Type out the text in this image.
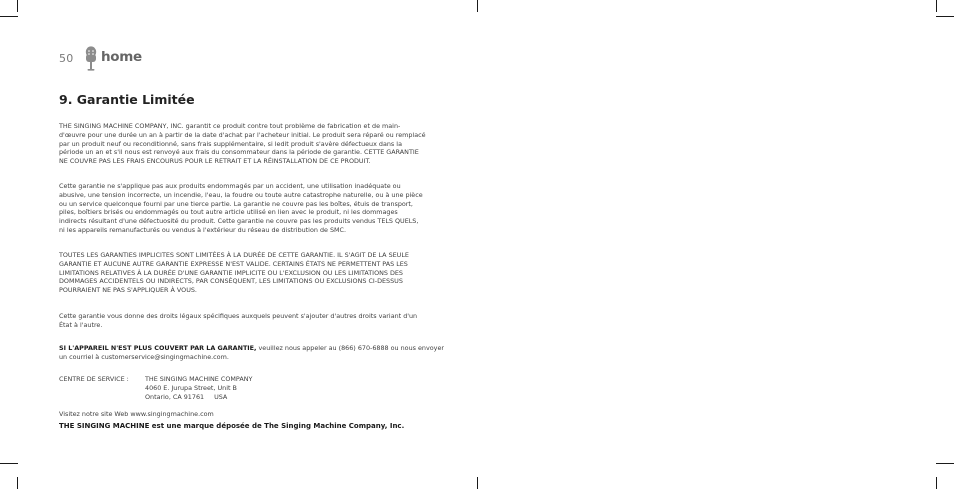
50 home
9. Garantie Limitée

THE SINGING MACHINE COMPANY, INC. garantit ce produit contre tout problème de fabrication et de main-
d'œuvre pour une durée un an à partir de la date d'achat par l'acheteur initial. Le produit sera réparé ou remplacé
par un produit neuf ou reconditionné, sans frais supplémentaire, si ledit produit s'avère défectueux dans la
période un an et s'il nous est renvoyé aux frais du consommateur dans la période de garantie. CETTE GARANTIE
NE COUVRE PAS LES FRAIS ENCOURUS POUR LE RETRAIT ET LA RÉINSTALLATION DE CE PRODUIT.

Cette garantie ne s'applique pas aux produits endommagés par un accident, une utilisation inadéquate ou
abusive, une tension incorrecte, un incendie, l'eau, la foudre ou toute autre catastrophe naturelle, ou à une pièce
ou un service quelconque fourni par une tierce partie. La garantie ne couvre pas les boîtes, étuis de transport,
piles, boîtiers brisés ou endommagés ou tout autre article utilisé en lien avec le produit, ni les dommages
indirects résultant d'une défectuosité du produit. Cette garantie ne couvre pas les produits vendus TELS QUELS,
ni les appareils remanufacturés ou vendus à l'extérieur du réseau de distribution de SMC.

TOUTES LES GARANTIES IMPLICITES SONT LIMITÉES À LA DURÉE DE CETTE GARANTIE. IL S'AGIT DE LA SEULE
GARANTIE ET AUCUNE AUTRE GARANTIE EXPRESSE N'EST VALIDE. CERTAINS ÉTATS NE PERMETTENT PAS LES
LIMITATIONS RELATIVES À LA DURÉE D'UNE GARANTIE IMPLICITE OU L'EXCLUSION OU LES LIMITATIONS DES
DOMMAGES ACCIDENTELS OU INDIRECTS, PAR CONSÉQUENT, LES LIMITATIONS OU EXCLUSIONS CI-DESSUS
POURRAIENT NE PAS S'APPLIQUER À VOUS.

Cette garantie vous donne des droits légaux spécifiques auxquels peuvent s'ajouter d'autres droits variant d'un
État à l'autre.

SI L'APPAREIL N'EST PLUS COUVERT PAR LA GARANTIE, veuillez nous appeler au (866) 670-6888 ou nous envoyer un courriel à customerservice@singingmachine.com.

CENTRE DE SERVICE :	THE SINGING MACHINE COMPANY
4060 E. Jurupa Street, Unit B
Ontario, CA 91761 USA
Visitez notre site Web www.singingmachine.com
THE SINGING MACHINE est une marque déposée de The Singing Machine Company, Inc.
